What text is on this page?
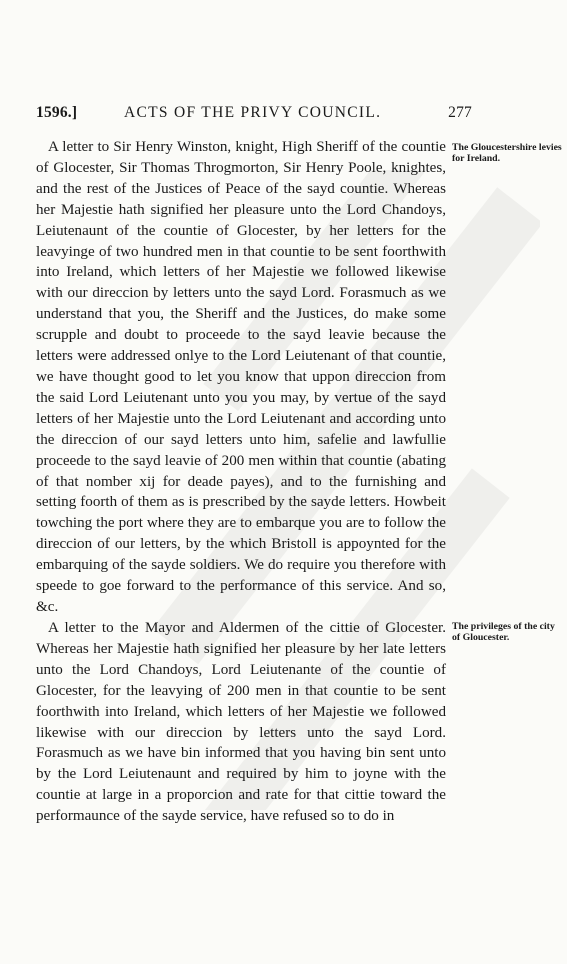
1596.]	ACTS OF THE PRIVY COUNCIL.	277

A letter to Sir Henry Winston, knight, High Sheriff of the countie of Glocester, Sir Thomas Throgmorton, Sir Henry Poole, knightes, and the rest of the Justices of Peace of the sayd countie. Whereas her Majestie hath signified her pleasure unto the Lord Chandoys, Leiutenaunt of the countie of Glocester, by her letters for the leavyinge of two hundred men in that countie to be sent foorthwith into Ireland, which letters of her Majestie we followed likewise with our direccion by letters unto the sayd Lord. Forasmuch as we understand that you, the Sheriff and the Justices, do make some scrupple and doubt to proceede to the sayd leavie because the letters were addressed onlye to the Lord Leiutenant of that countie, we have thought good to let you know that uppon direccion from the said Lord Leiutenant unto you you may, by vertue of the sayd letters of her Majestie unto the Lord Leiutenant and according unto the direccion of our sayd letters unto him, safelie and lawfullie proceede to the sayd leavie of 200 men within that countie (abating of that nomber xij for deade payes), and to the furnishing and setting foorth of them as is prescribed by the sayde letters. Howbeit towching the port where they are to embarque you are to follow the direccion of our letters, by the which Bristoll is appoynted for the embarquing of the sayde soldiers. We do require you therefore with speede to goe forward to the performance of this service. And so, &c.

The Gloucestershire levies for Ireland.

A letter to the Mayor and Aldermen of the cittie of Glocester. Whereas her Majestie hath signified her pleasure by her late letters unto the Lord Chandoys, Lord Leiutenante of the countie of Glocester, for the leavying of 200 men in that countie to be sent foorthwith into Ireland, which letters of her Majestie we followed likewise with our direccion by letters unto the sayd Lord. Forasmuch as we have bin informed that you having bin sent unto by the Lord Leiutenaunt and required by him to joyne with the countie at large in a proporcion and rate for that cittie toward the performaunce of the sayde service, have refused so to do in

The privileges of the city of Gloucester.
